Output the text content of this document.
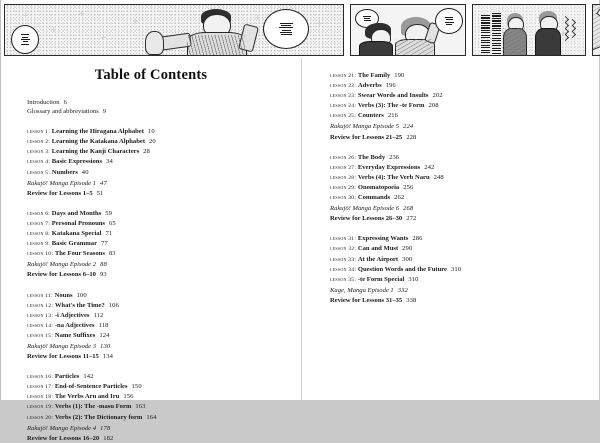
Table of Contents
Introduction 6
Glossary and abbreviations 9
lesson 1: Learning the Hiragana Alphabet 10
lesson 2: Learning the Katakana Alphabet 20
lesson 3: Learning the Kanji Characters 28
lesson 4: Basic Expressions 34
lesson 5: Numbers 40
Rakujō! Manga Episode 1 47
Review for Lessons 1–5 51
lesson 6: Days and Months 59
lesson 7: Personal Pronouns 65
lesson 8: Katakana Special 71
lesson 9: Basic Grammar 77
lesson 10: The Four Seasons 83
Rakujō! Manga Episode 2 88
Review for Lessons 6–10 93
lesson 11: Nouns 100
lesson 12: What's the Time? 106
lesson 13: -i Adjectives 112
lesson 14: -na Adjectives 118
lesson 15: Name Suffixes 124
Rakujō! Manga Episode 3 130
Review for Lessons 11–15 134
lesson 16: Particles 142
lesson 17: End-of-Sentence Particles 150
lesson 18: The Verbs Aru and Iru 156
lesson 19: Verbs (1): The -masu Form 163
lesson 20: Verbs (2): The Dictionary form 164
Rakujō! Manga Episode 4 178
Review for Lessons 16–20 182
lesson 21: The Family 190
lesson 22: Adverbs 196
lesson 23: Swear Words and Insults 202
lesson 24: Verbs (3): The -te Form 208
lesson 25: Counters 216
Rakujō! Manga Episode 5 224
Review for Lessons 21–25 228
lesson 26: The Body 236
lesson 27: Everyday Expressions 242
lesson 28: Verbs (4): The Verb Naru 248
lesson 29: Onomatopoeia 256
lesson 30: Commands 262
Rakujō! Manga Episode 6 268
Review for Lessons 26–30 272
lesson 31: Expressing Wants 286
lesson 32: Can and Must 290
lesson 33: At the Airport 300
lesson 34: Question Words and the Future 310
lesson 35: -te Form Special 310
Kage, Manga Episode 1 332
Review for Lessons 31–35 338
